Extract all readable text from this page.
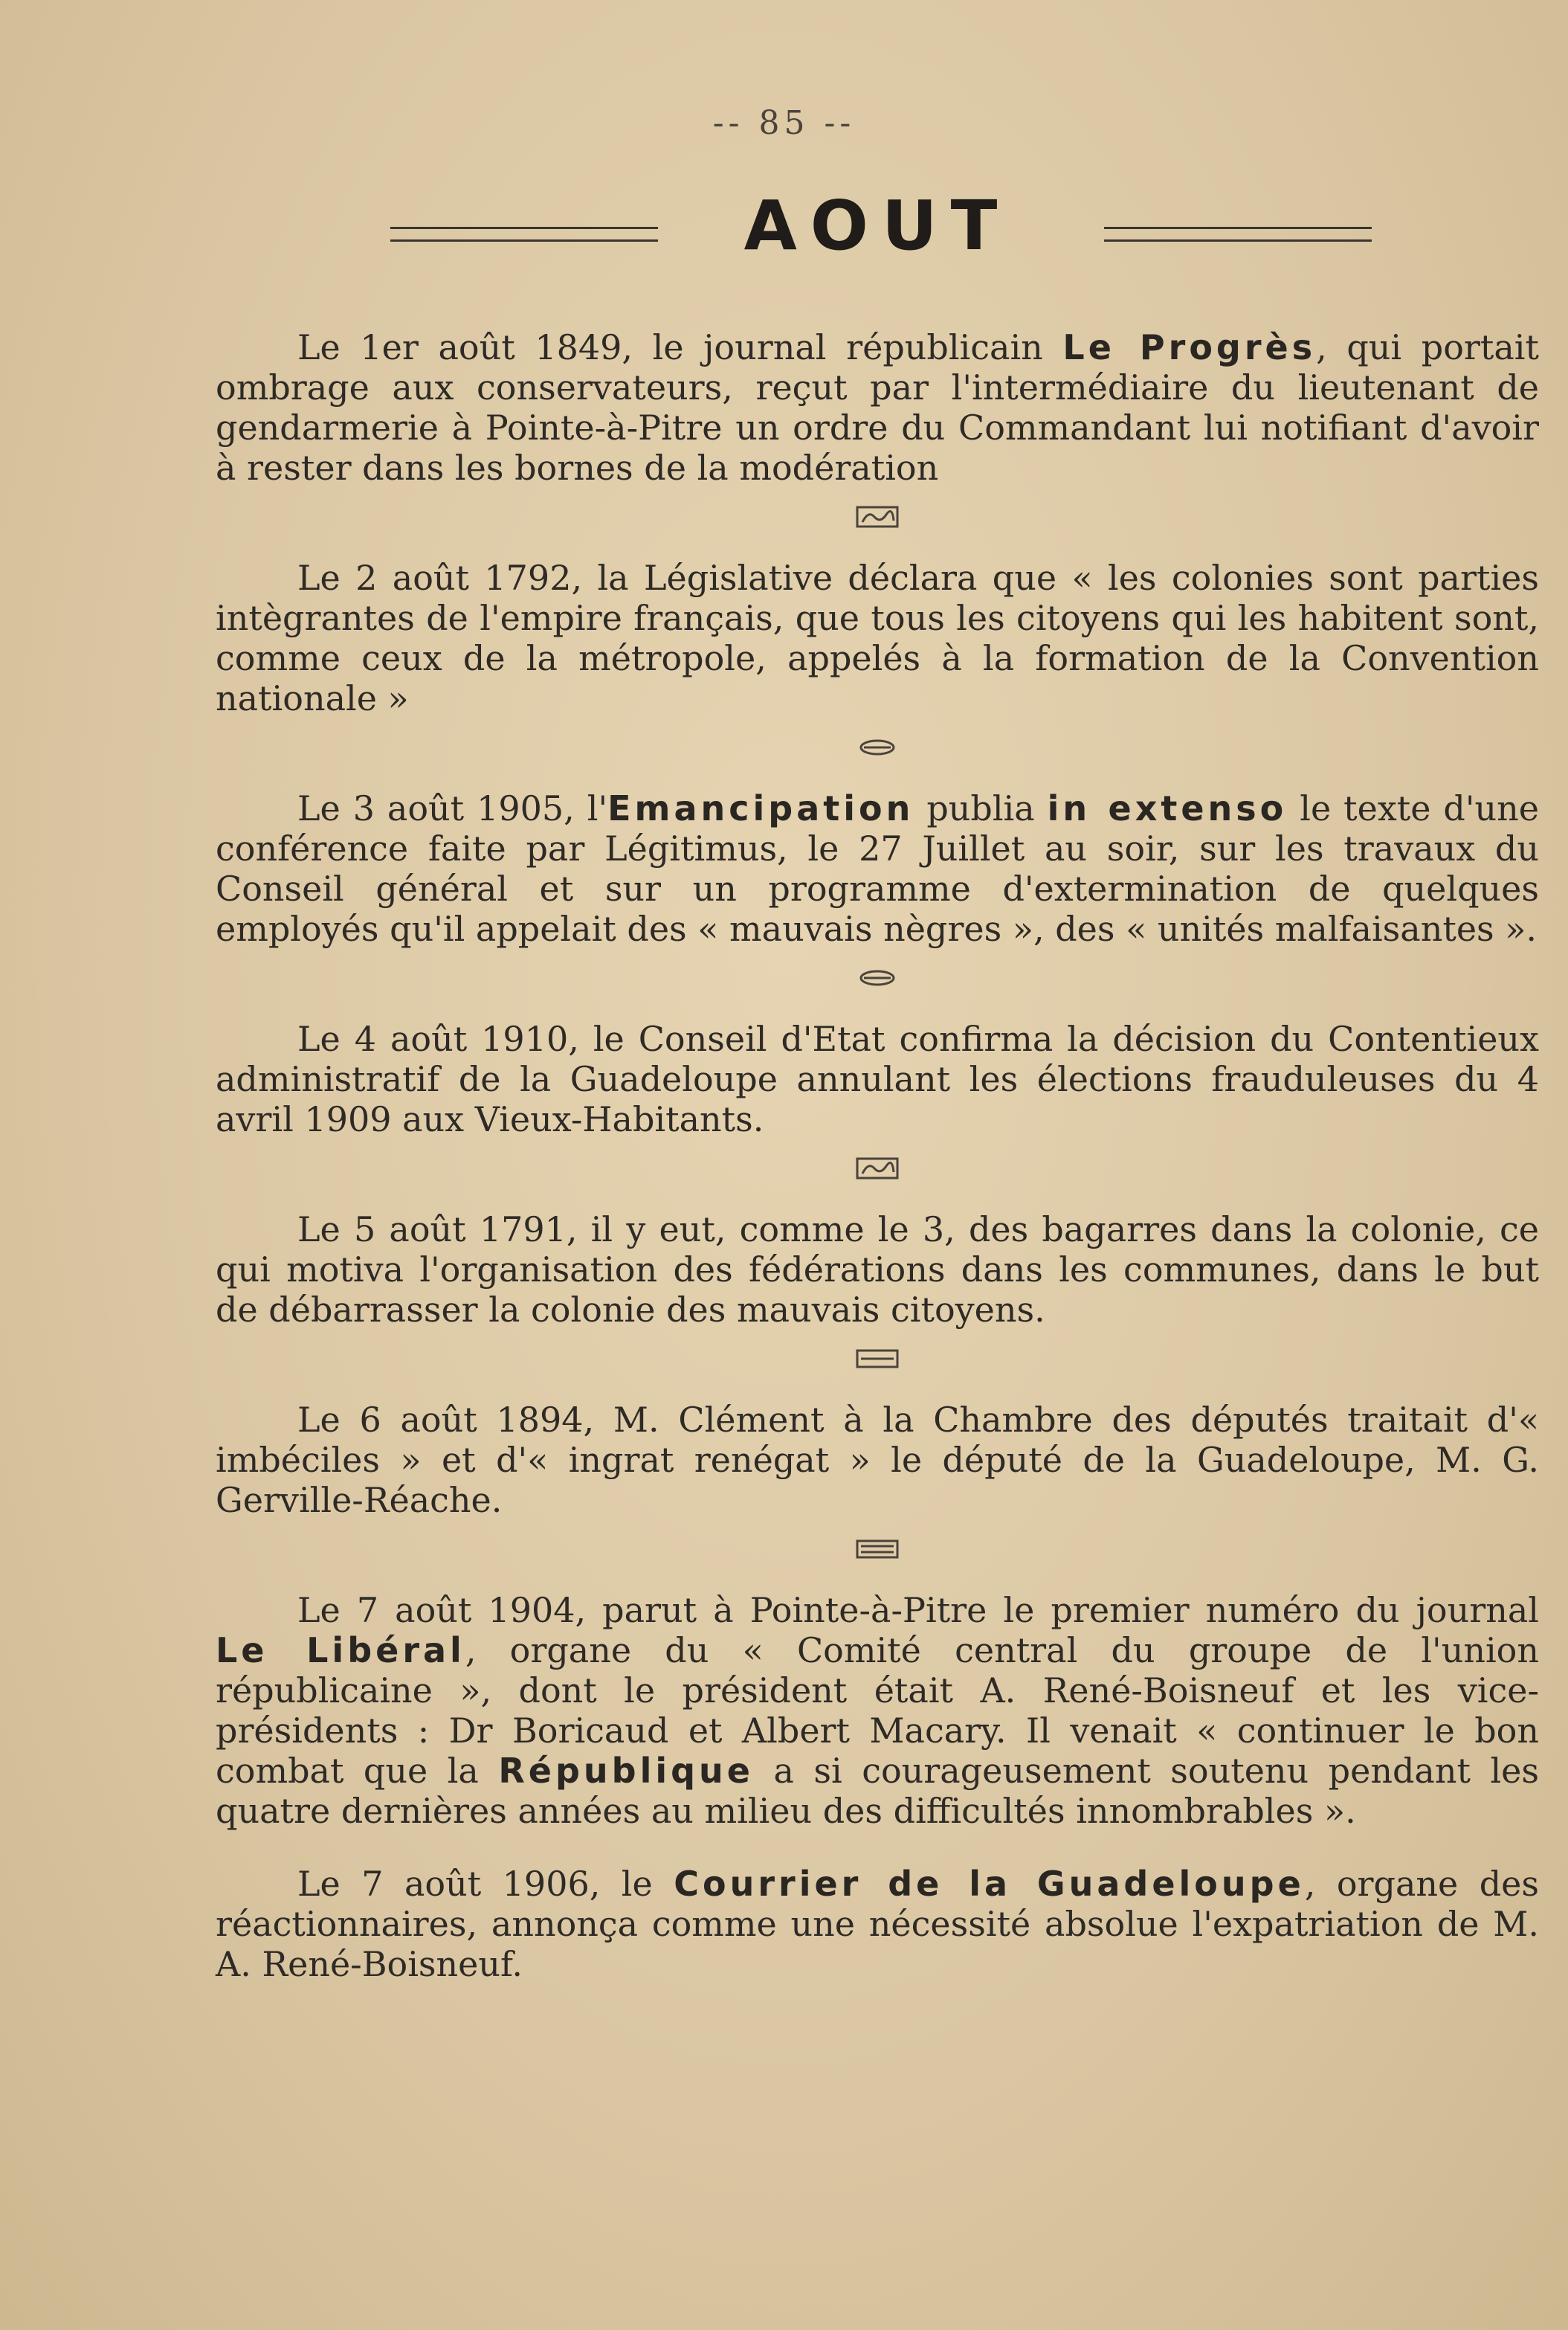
-- 85 --
AOUT

Le 1er août 1849, le journal républicain Le Progrès, qui portait ombrage aux conservateurs, reçut par l'intermédiaire du lieutenant de gendarmerie à Pointe-à-Pitre un ordre du Commandant lui notifiant d'avoir à rester dans les bornes de la modération

Le 2 août 1792, la Législative déclara que « les colonies sont parties intègrantes de l'empire français, que tous les citoyens qui les habitent sont, comme ceux de la métropole, appelés à la formation de la Convention nationale »

Le 3 août 1905, l'Emancipation publia in extenso le texte d'une conférence faite par Légitimus, le 27 Juillet au soir, sur les travaux du Conseil général et sur un programme d'extermination de quelques employés qu'il appelait des « mauvais nègres », des « unités malfaisantes ».

Le 4 août 1910, le Conseil d'Etat confirma la décision du Contentieux administratif de la Guadeloupe annulant les élections frauduleuses du 4 avril 1909 aux Vieux-Habitants.

Le 5 août 1791, il y eut, comme le 3, des bagarres dans la colonie, ce qui motiva l'organisation des fédérations dans les communes, dans le but de débarrasser la colonie des mauvais citoyens.

Le 6 août 1894, M. Clément à la Chambre des députés traitait d'« imbéciles » et d'« ingrat renégat » le député de la Guadeloupe, M. G. Gerville-Réache.

Le 7 août 1904, parut à Pointe-à-Pitre le premier numéro du journal Le Libéral, organe du « Comité central du groupe de l'union républicaine », dont le président était A. René-Boisneuf et les vice-présidents : Dr Boricaud et Albert Macary. Il venait « continuer le bon combat que la République a si courageusement soutenu pendant les quatre dernières années au milieu des difficultés innombrables ».

Le 7 août 1906, le Courrier de la Guadeloupe, organe des réactionnaires, annonça comme une nécessité absolue l'expatriation de M. A. René-Boisneuf.
